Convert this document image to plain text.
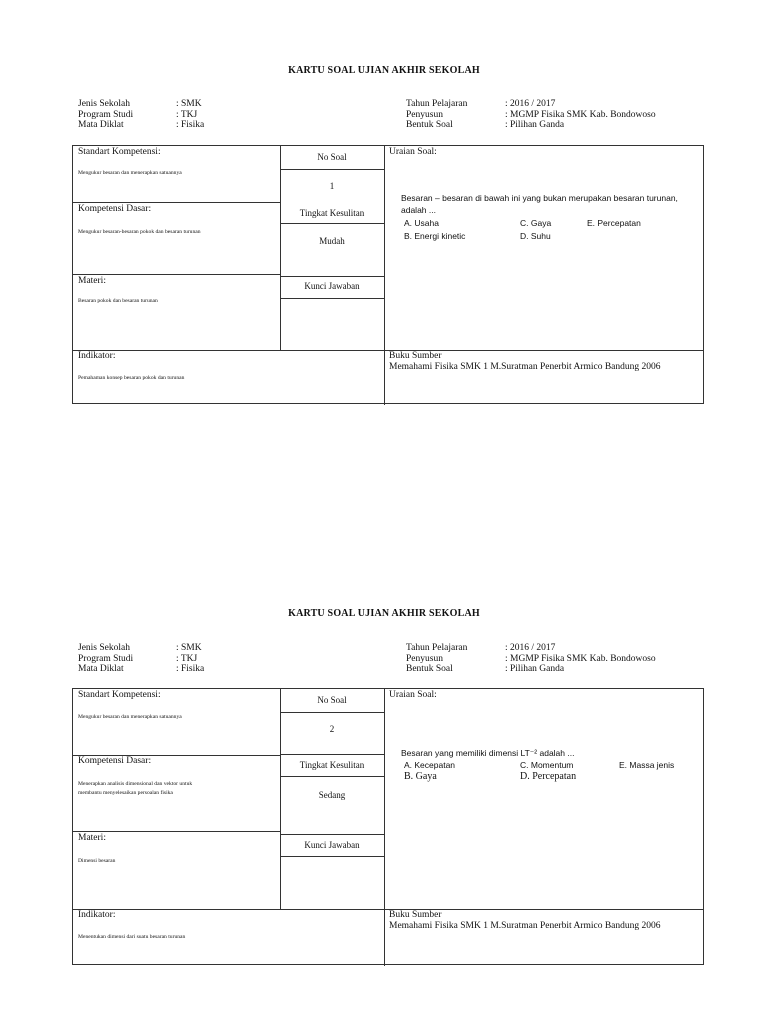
KARTU SOAL UJIAN AKHIR SEKOLAH
Jenis Sekolah	: SMK
Program Studi	: TKJ
Mata Diklat	: Fisika
Tahun Pelajaran	: 2016 / 2017
Penyusun	: MGMP Fisika SMK Kab. Bondowoso
Bentuk Soal	: Pilihan Ganda
Standart Kompetensi:
Mengukur besaran dan menerapkan satuannya
Kompetensi Dasar:
Mengukur besaran-besaran pokok dan besaran turunan
Materi:
Besaran pokok dan besaran turunan
Indikator:
Pemahaman konsep besaran pokok dan turunan
No Soal
1
Tingkat Kesulitan
Mudah
Kunci Jawaban
Uraian Soal:
Besaran – besaran di bawah ini yang bukan merupakan besaran turunan,
adalah ...
A. Usaha	C. Gaya	E. Percepatan
B. Energi kinetic	D. Suhu
Buku Sumber
Memahami Fisika SMK 1 M.Suratman Penerbit Armico Bandung 2006
KARTU SOAL UJIAN AKHIR SEKOLAH
Jenis Sekolah	: SMK
Program Studi	: TKJ
Mata Diklat	: Fisika
Tahun Pelajaran	: 2016 / 2017
Penyusun	: MGMP Fisika SMK Kab. Bondowoso
Bentuk Soal	: Pilihan Ganda
Standart Kompetensi:
Mengukur besaran dan menerapkan satuannya
Kompetensi Dasar:
Menerapkan analisis dimensional dan vektor untuk
membantu menyelesaikan persoalan fisika
Materi:
Dimensi besaran
Indikator:
Menentukan dimensi dari suatu besaran turunan
No Soal
2
Tingkat Kesulitan
Sedang
Kunci Jawaban
Uraian Soal:
Besaran yang memiliki dimensi LT⁻² adalah ...
A. Kecepatan	C. Momentum	E. Massa jenis
B. Gaya	D. Percepatan
Buku Sumber
Memahami Fisika SMK 1 M.Suratman Penerbit Armico Bandung 2006
